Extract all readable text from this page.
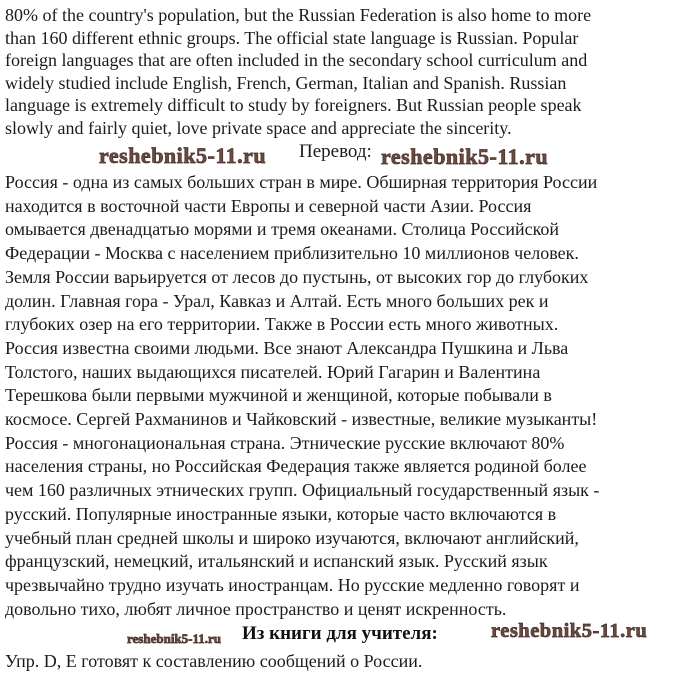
80% of the country's population, but the Russian Federation is also home to more
than 160 different ethnic groups. The official state language is Russian. Popular
foreign languages that are often included in the secondary school curriculum and
widely studied include English, French, German, Italian and Spanish. Russian
language is extremely difficult to study by foreigners. But Russian people speak
slowly and fairly quiet, love private space and appreciate the sincerity.
reshebnik5-11.ru Перевод: reshebnik5-11.ru
Россия - одна из самых больших стран в мире. Обширная территория России
находится в восточной части Европы и северной части Азии. Россия
омывается двенадцатью морями и тремя океанами. Столица Российской
Федерации - Москва с населением приблизительно 10 миллионов человек.
Земля России варьируется от лесов до пустынь, от высоких гор до глубоких
долин. Главная гора - Урал, Кавказ и Алтай. Есть много больших рек и
глубоких озер на его территории. Также в России есть много животных.
Россия известна своими людьми. Все знают Александра Пушкина и Льва
Толстого, наших выдающихся писателей. Юрий Гагарин и Валентина
Терешкова были первыми мужчиной и женщиной, которые побывали в
космосе. Сергей Рахманинов и Чайковский - известные, великие музыканты!
Россия - многонациональная страна. Этнические русские включают 80%
населения страны, но Российская Федерация также является родиной более
чем 160 различных этнических групп. Официальный государственный язык -
русский. Популярные иностранные языки, которые часто включаются в
учебный план средней школы и широко изучаются, включают английский,
французский, немецкий, итальянский и испанский язык. Русский язык
чрезвычайно трудно изучать иностранцам. Но русские медленно говорят и
довольно тихо, любят личное пространство и ценят искренность.
reshebnik5-11.ru Из книги для учителя:	reshebnik5-11.ru
Упр. D, Е готовят к составлению сообщений о России.
